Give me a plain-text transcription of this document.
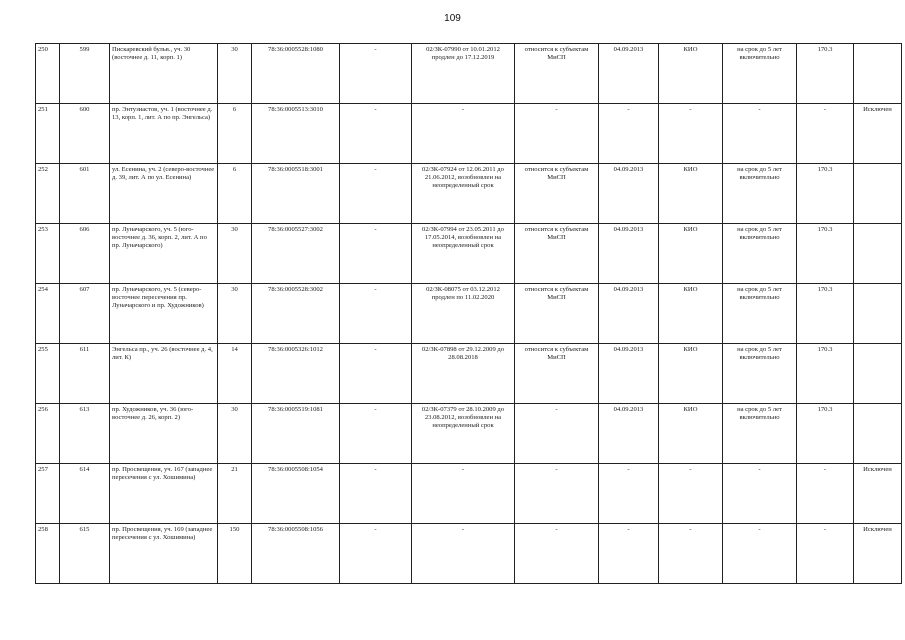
109
250	599	Пискаревский бульв., уч. 30 (восточнее д. 11, корп. 1)	30	78:36:0005528:1080	-	02/ЗК-07990 от 10.01.2012 продлен до 17.12.2019	относится к субъектам МиСП	04.09.2013	КИО	на срок до 5 лет включительно	170.3	
251	600	пр. Энтузиастов, уч. 1 (восточнее д. 13, корп. 1, лит. А по пр. Энгельса)	6	78:36:0005513:3010	-	-	-	-	-	-	-	Исключен
252	601	ул. Есенина, уч. 2 (северо-восточнее д. 39, лит. А по ул. Есенина)	6	78:36:0005518:3001	-	02/ЗК-07924 от 12.06.2011 до 21.06.2012, возобновлен на неопределенный срок	относится к субъектам МиСП	04.09.2013	КИО	на срок до 5 лет включительно	170.3	
253	606	пр. Луначарского, уч. 5 (юго-восточнее д. 36, корп. 2, лит. А по пр. Луначарского)	30	78:36:0005527:3002	-	02/ЗК-07994 от 23.05.2011 до 17.05.2014, возобновлен на неопределенный срок	относится к субъектам МиСП	04.09.2013	КИО	на срок до 5 лет включительно	170.3	
254	607	пр. Луначарского, уч. 5 (северо-восточнее пересечения пр. Луначарского и пр. Художников)	30	78:36:0005528:3002	-	02/ЗК-08075 от 03.12.2012 продлен по 11.02.2020	относится к субъектам МиСП	04.09.2013	КИО	на срок до 5 лет включительно	170.3	
255	611	Энгельса пр., уч. 26 (восточнее д. 4, лит. К)	14	78:36:0005326:1012	-	02/ЗК-07898 от 29.12.2009 до 28.08.2018	относится к субъектам МиСП	04.09.2013	КИО	на срок до 5 лет включительно	170.3	
256	613	пр. Художников, уч. 36 (юго-восточнее д. 26, корп. 2)	30	78:36:0005519:1081	-	02/ЗК-07379 от 28.10.2009 до 23.08.2012, возобновлен на неопределенный срок	-	04.09.2013	КИО	на срок до 5 лет включительно	170.3	
257	614	пр. Просвещения, уч. 167 (западнее пересечения с ул. Хошимина)	21	78:36:0005508:1054	-	-	-	-	-	-	-	Исключен
258	615	пр. Просвещения, уч. 169 (западнее пересечения с ул. Хошимина)	150	78:36:0005508:1056	-	-	-	-	-	-	-	Исключен
